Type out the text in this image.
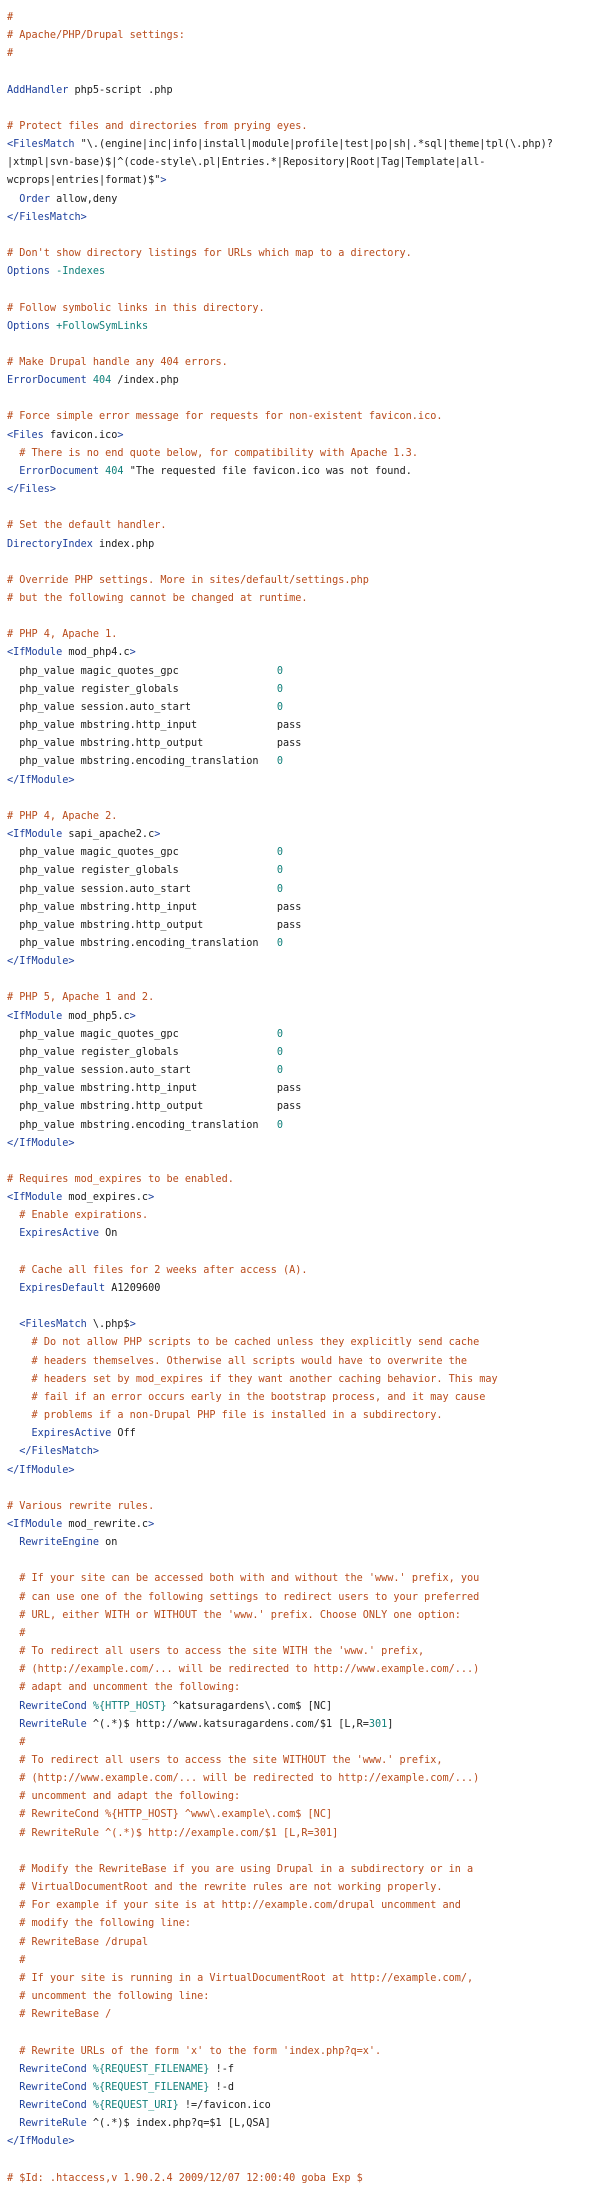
#
# Apache/PHP/Drupal settings:
#

AddHandler php5-script .php

# Protect files and directories from prying eyes.
<FilesMatch "\.(engine|inc|info|install|module|profile|test|po|sh|.*sql|theme|tpl(\.php)?
|xtmpl|svn-base)$|^(code-style\.pl|Entries.*|Repository|Root|Tag|Template|all-
wcprops|entries|format)$">
Order allow,deny
</FilesMatch>

# Don't show directory listings for URLs which map to a directory.
Options -Indexes

# Follow symbolic links in this directory.
Options +FollowSymLinks

# Make Drupal handle any 404 errors.
ErrorDocument 404 /index.php

# Force simple error message for requests for non-existent favicon.ico.
<Files favicon.ico>
# There is no end quote below, for compatibility with Apache 1.3.
ErrorDocument 404 "The requested file favicon.ico was not found.
</Files>

# Set the default handler.
DirectoryIndex index.php

# Override PHP settings. More in sites/default/settings.php
# but the following cannot be changed at runtime.

# PHP 4, Apache 1.
<IfModule mod_php4.c>
php_value magic_quotes_gpc                0
php_value register_globals                0
php_value session.auto_start              0
php_value mbstring.http_input             pass
php_value mbstring.http_output            pass
php_value mbstring.encoding_translation   0
</IfModule>

# PHP 4, Apache 2.
<IfModule sapi_apache2.c>
php_value magic_quotes_gpc                0
php_value register_globals                0
php_value session.auto_start              0
php_value mbstring.http_input             pass
php_value mbstring.http_output            pass
php_value mbstring.encoding_translation   0
</IfModule>

# PHP 5, Apache 1 and 2.
<IfModule mod_php5.c>
php_value magic_quotes_gpc                0
php_value register_globals                0
php_value session.auto_start              0
php_value mbstring.http_input             pass
php_value mbstring.http_output            pass
php_value mbstring.encoding_translation   0
</IfModule>

# Requires mod_expires to be enabled.
<IfModule mod_expires.c>
# Enable expirations.
ExpiresActive On

# Cache all files for 2 weeks after access (A).
ExpiresDefault A1209600

<FilesMatch \.php$>
# Do not allow PHP scripts to be cached unless they explicitly send cache
# headers themselves. Otherwise all scripts would have to overwrite the
# headers set by mod_expires if they want another caching behavior. This may
# fail if an error occurs early in the bootstrap process, and it may cause
# problems if a non-Drupal PHP file is installed in a subdirectory.
ExpiresActive Off
</FilesMatch>
</IfModule>

# Various rewrite rules.
<IfModule mod_rewrite.c>
RewriteEngine on

# If your site can be accessed both with and without the 'www.' prefix, you
# can use one of the following settings to redirect users to your preferred
# URL, either WITH or WITHOUT the 'www.' prefix. Choose ONLY one option:
#
# To redirect all users to access the site WITH the 'www.' prefix,
# (http://example.com/... will be redirected to http://www.example.com/...)
# adapt and uncomment the following:
RewriteCond %{HTTP_HOST} ^katsuragardens\.com$ [NC]
RewriteRule ^(.*)$ http://www.katsuragardens.com/$1 [L,R=301]
#
# To redirect all users to access the site WITHOUT the 'www.' prefix,
# (http://www.example.com/... will be redirected to http://example.com/...)
# uncomment and adapt the following:
# RewriteCond %{HTTP_HOST} ^www\.example\.com$ [NC]
# RewriteRule ^(.*)$ http://example.com/$1 [L,R=301]

# Modify the RewriteBase if you are using Drupal in a subdirectory or in a
# VirtualDocumentRoot and the rewrite rules are not working properly.
# For example if your site is at http://example.com/drupal uncomment and
# modify the following line:
# RewriteBase /drupal
#
# If your site is running in a VirtualDocumentRoot at http://example.com/,
# uncomment the following line:
# RewriteBase /

# Rewrite URLs of the form 'x' to the form 'index.php?q=x'.
RewriteCond %{REQUEST_FILENAME} !-f
RewriteCond %{REQUEST_FILENAME} !-d
RewriteCond %{REQUEST_URI} !=/favicon.ico
RewriteRule ^(.*)$ index.php?q=$1 [L,QSA]
</IfModule>

# $Id: .htaccess,v 1.90.2.4 2009/12/07 12:00:40 goba Exp $
